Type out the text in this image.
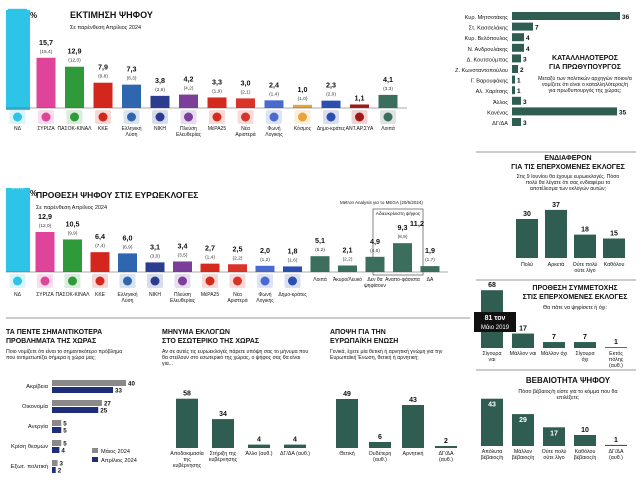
%	ΕΚΤΙΜΗΣΗ ΨΗΦΟΥ
Σε παρένθεση Απρίλιος 2024
(32,3)
ΝΔ
15,7
(15,4)
ΣΥΡΙΖΑ
12,9
(12,0)
ΠΑΣΟΚ-ΚΙΝΑΛ
7,9
(9,8)
ΚΚΕ
7,3
(8,3)
Ελληνική
Λύση
3,8
(3,6)
ΝΙΚΗ
4,2
(4,2)
Πλεύση
Ελευθερίας
3,3
(1,9)
ΜέΡΑ25
3,0
(2,1)
Νέα
Αριστερά
2,4
(1,4)
Φωνή
Λογικής
1,0
(1,0)
Κόσμος
2,3
(2,0)
Δημο-κράτες
1,1
ΑΝΤ.ΑΡ.ΣΥΑ
4,1
(3,3)
Λοιπά
%
ΠΡΟΘΕΣΗ ΨΗΦΟΥ ΣΤΙΣ ΕΥΡΩΕΚΛΟΓΕΣ
Σε παρένθεση Απρίλιος 2024
Metron Analysis για το MEGA (20/5/2024)
Αδιευκρίνιστη ψήφος
11,2
25,4
(26,9)
ΝΔ
12,9
(12,0)
ΣΥΡΙΖΑ
10,5
(9,9)
ΠΑΣΟΚ-ΚΙΝΑΛ
6,4
(7,4)
ΚΚΕ
6,0
(6,9)
Ελληνική
Λύση
3,1
(3,0)
ΝΙΚΗ
3,4
(3,5)
Πλεύση
Ελευθερίας
2,7
(1,4)
ΜέΡΑ25
2,5
(2,2)
Νέα
Αριστερά
2,0
(1,2)
Φωνή
Λογικής
1,8
(1,6)
Δημο-κράτες
5,1
(5,2)
Λοιπά
2,1
(2,2)
Άκυρο/Λευκό
4,9
(4,6)
Δεν θα
ψηφίσουν
9,3
(8,9)
Αναπο-φάσιστα
1,9
(1,7)
ΔΑ
Κυρ. Μητσοτάκης	36
Στ. Κασσελάκης	7
Κυρ. Βελόπουλος	4
Ν. Ανδρουλάκης	4
Δ. Κουτσούμπας 3
Ζ. Κωνσταντοπούλου 2
Γ. Βαρουφάκης 1
Αλ. Χαρίτσης 1
Άλλος 3
Κανένας	35
ΔΓ/ΔΑ 3
ΚΑΤΑΛΛΗΛΟΤΕΡΟΣ
ΓΙΑ ΠΡΩΘΥΠΟΥΡΓΟΣ
Μεταξύ των πολιτικών αρχηγών ποιον/α
νομίζετε ότι είναι ο καταλληλότερος/η
για πρωθυπουργός της χώρας;
ΕΝΔΙΑΦΕΡΟΝ
ΓΙΑ ΤΙΣ ΕΠΕΡΧΟΜΕΝΕΣ ΕΚΛΟΓΕΣ
Στις 9 Ιουνίου θα έχουμε ευρωεκλογές. Πόσο
πολύ θα λέγατε ότι σας ενδιαφέρει το
αποτέλεσμα των εκλογών αυτών;
30
Πολύ
37
Αρκετά
18
Ούτε πολύ
ούτε λίγο
15
Καθόλου
ΠΡΟΘΕΣΗ ΣΥΜΜΕΤΟΧΗΣ
ΣΤΙΣ ΕΠΕΡΧΟΜΕΝΕΣ ΕΚΛΟΓΕΣ
Θα πάτε να ψηφίσετε ή όχι:
68
Σίγουρα
ναι
17
Μάλλον ναι
7
Μάλλον όχι
7
Σίγουρα
όχι
1
Εκτός
πόλης
(αυθ.)
81 τον
Μάιο 2019
ΒΕΒΑΙΟΤΗΤΑ ΨΗΦΟΥ
Πόσο βέβαιος/η είστε για το κόμμα που θα
επιλέξετε;
43
Απόλυτα
βέβαιος/η
29
Μάλλον
βέβαιος/η
17
Ούτε πολύ
ούτε λίγο
10
Καθόλου
βέβαιος/η
1
ΔΓ/ΔΑ
(αυθ.)
ΤΑ ΠΕΝΤΕ ΣΗΜΑΝΤΙΚΟΤΕΡΑ
ΠΡΟΒΛΗΜΑΤΑ ΤΗΣ ΧΩΡΑΣ
Ποιο νομίζετε ότι είναι το σημαντικότερο πρόβλημα
που αντιμετωπίζει σήμερα η χώρα μας;
Ακρίβεια	40
33
Οικονομία	27
25
Ανεργία 5
5
Κρίση θεσμών 5
4
Εξωτ. πολιτική 3
2
Μάιος 2024
Απρίλιος 2024
ΜΗΝΥΜΑ ΕΚΛΟΓΩΝ
ΣΤΟ ΕΣΩΤΕΡΙΚΟ ΤΗΣ ΧΩΡΑΣ
Αν σε αυτές τις ευρωεκλογές πάρετε υπόψη σας το μήνυμα που
θα στείλουν στο εσωτερικό της χώρας, ο ψήφος σας θα είναι
για...
58
Αποδοκιμασία
της
κυβέρνησης
34
Στήριξη της
κυβέρνησης
4
Άλλο (αυθ.)
4
ΔΓ/ΔΑ (αυθ.)
ΑΠΟΨΗ ΓΙΑ ΤΗΝ
ΕΥΡΩΠΑΪΚΗ ΕΝΩΣΗ
Γενικά, έχετε μία θετική ή αρνητική γνώμη για την
Ευρωπαϊκή Ένωση, θετική ή αρνητική;
49
Θετική
6
Ουδέτερη
(αυθ.)
43
Αρνητική
2
ΔΓ/ΔΑ
(αυθ.)
